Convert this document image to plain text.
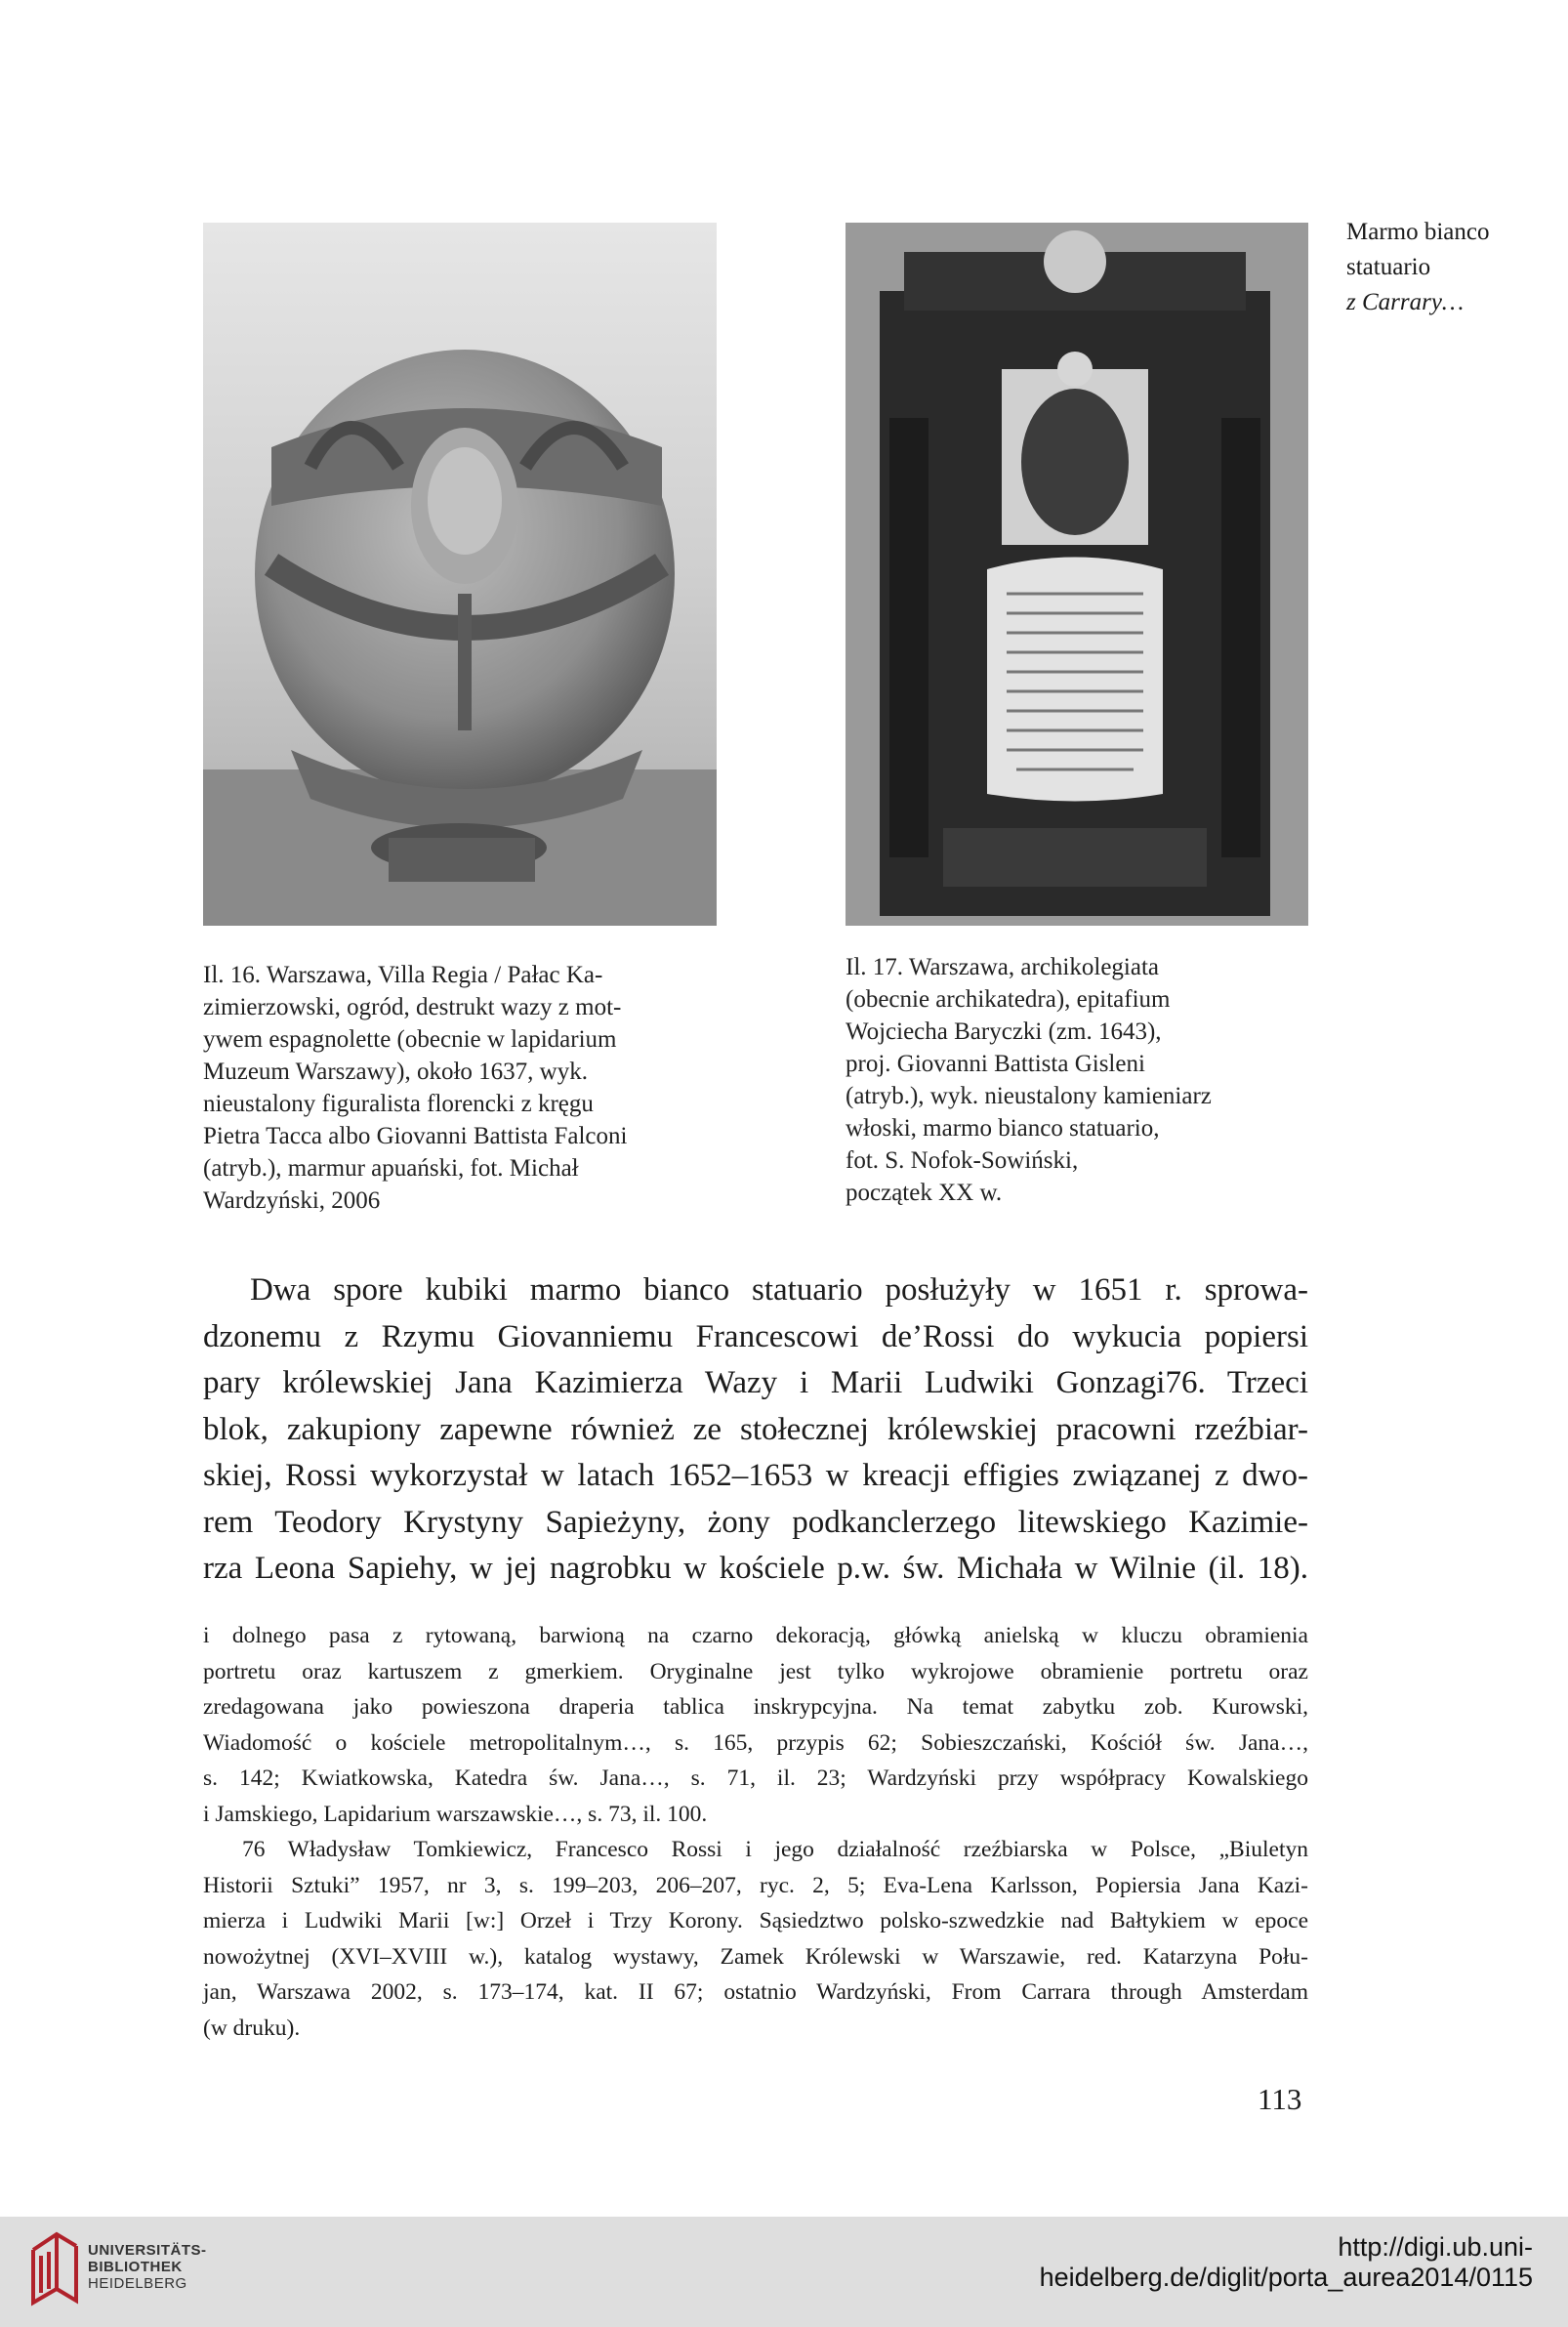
Marmo bianco
statuario
z Carrary…
Il. 16. Warszawa, Villa Regia / Pałac Ka-
zimierzowski, ogród, destrukt wazy z mot-
ywem espagnolette (obecnie w lapidarium
Muzeum Warszawy), około 1637, wyk.
nieustalony figuralista florencki z kręgu
Pietra Tacca albo Giovanni Battista Falconi
(atryb.), marmur apuański, fot. Michał
Wardzyński, 2006
Il. 17. Warszawa, archikolegiata
(obecnie archikatedra), epitafium
Wojciecha Baryczki (zm. 1643),
proj. Giovanni Battista Gisleni
(atryb.), wyk. nieustalony kamieniarz
włoski, marmo bianco statuario,
fot. S. Nofok-Sowiński,
początek XX w.
Dwa spore kubiki marmo bianco statuario posłużyły w 1651 r. sprowa-
dzonemu z Rzymu Giovanniemu Francescowi de’Rossi do wykucia popiersi
pary królewskiej Jana Kazimierza Wazy i Marii Ludwiki Gonzagi76. Trzeci
blok, zakupiony zapewne również ze stołecznej królewskiej pracowni rzeźbiar-
skiej, Rossi wykorzystał w latach 1652–1653 w kreacji effigies związanej z dwo-
rem Teodory Krystyny Sapieżyny, żony podkanclerzego litewskiego Kazimie-
rza Leona Sapiehy, w jej nagrobku w kościele p.w. św. Michała w Wilnie (il. 18).
i dolnego pasa z rytowaną, barwioną na czarno dekoracją, główką anielską w kluczu obramienia
portretu oraz kartuszem z gmerkiem. Oryginalne jest tylko wykrojowe obramienie portretu oraz
zredagowana jako powieszona draperia tablica inskrypcyjna. Na temat zabytku zob. Kurowski,
Wiadomość o kościele metropolitalnym…, s. 165, przypis 62; Sobieszczański, Kościół św. Jana…,
s. 142; Kwiatkowska, Katedra św. Jana…, s. 71, il. 23; Wardzyński przy współpracy Kowalskiego
i Jamskiego, Lapidarium warszawskie…, s. 73, il. 100.
76 Władysław Tomkiewicz, Francesco Rossi i jego działalność rzeźbiarska w Polsce, „Biuletyn
Historii Sztuki” 1957, nr 3, s. 199–203, 206–207, ryc. 2, 5; Eva-Lena Karlsson, Popiersia Jana Kazi-
mierza i Ludwiki Marii [w:] Orzeł i Trzy Korony. Sąsiedztwo polsko-szwedzkie nad Bałtykiem w epoce
nowożytnej (XVI–XVIII w.), katalog wystawy, Zamek Królewski w Warszawie, red. Katarzyna Połu-
jan, Warszawa 2002, s. 173–174, kat. II 67; ostatnio Wardzyński, From Carrara through Amsterdam
(w druku).
113
UNIVERSITÄTS-
BIBLIOTHEK
HEIDELBERG
http://digi.ub.uni-heidelberg.de/diglit/porta_aurea2014/0115
